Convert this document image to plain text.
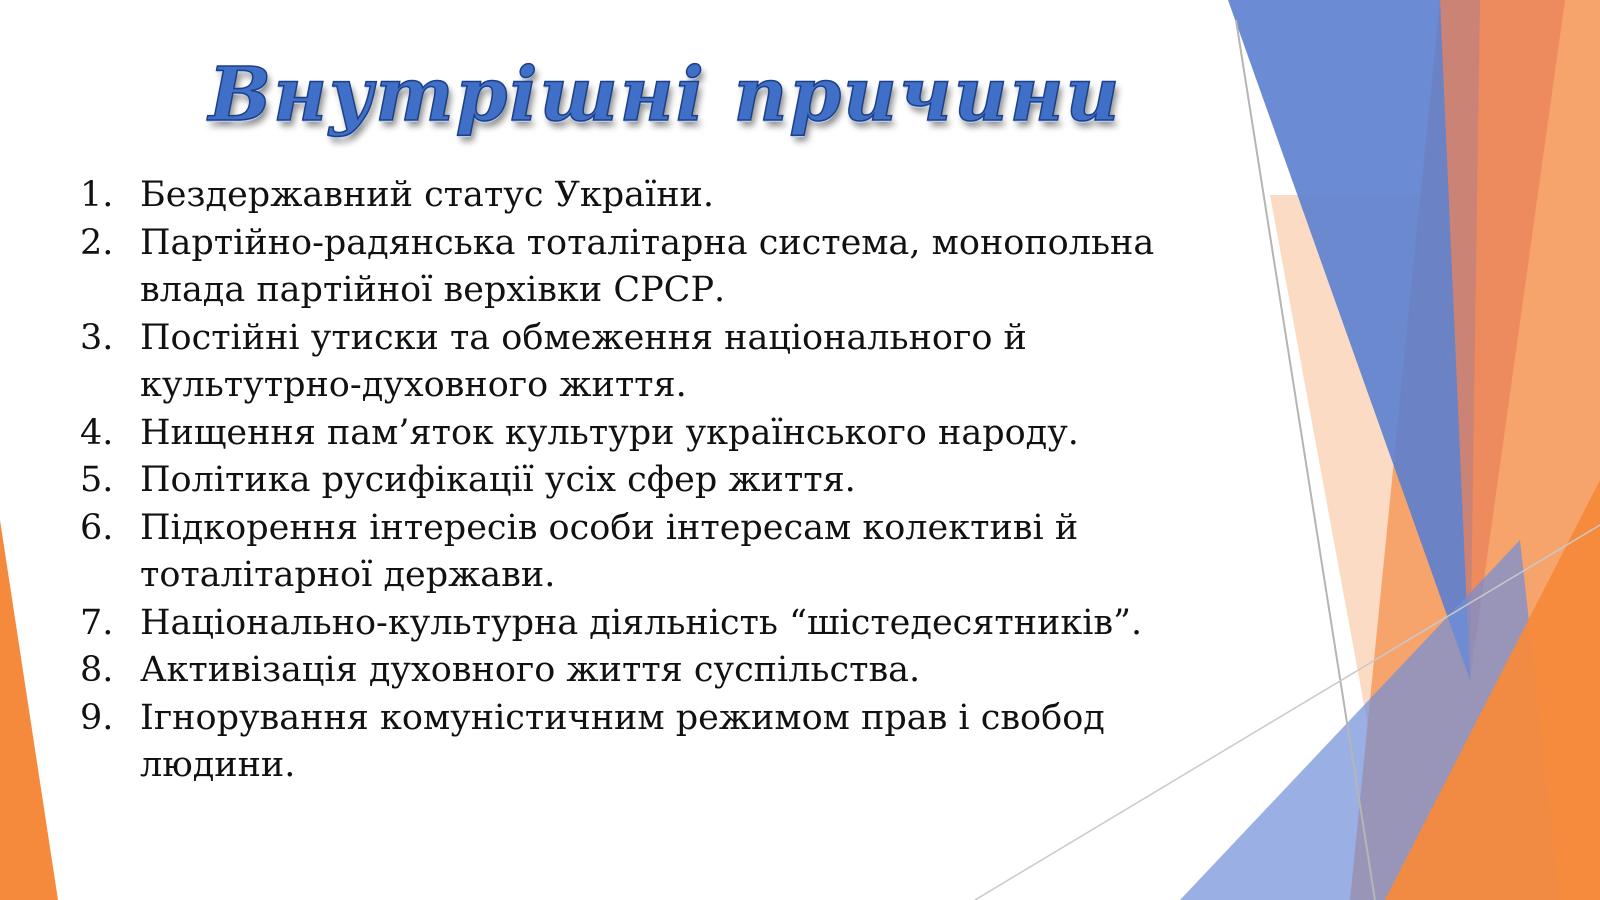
Внутрішні причини
1. Бездержавний статус України.
2. Партійно-радянська тоталітарна система, монопольна влада партійної верхівки СРСР.
3. Постійні утиски та обмеження національного й культутрно-духовного життя.
4. Нищення пам’яток культури українського народу.
5. Політика русифікації усіх сфер життя.
6. Підкорення інтересів особи інтересам колективі й тоталітарної держави.
7. Національно-культурна діяльність “шістедесятників”.
8. Активізація духовного життя суспільства.
9. Ігнорування комуністичним режимом прав і свобод людини.
